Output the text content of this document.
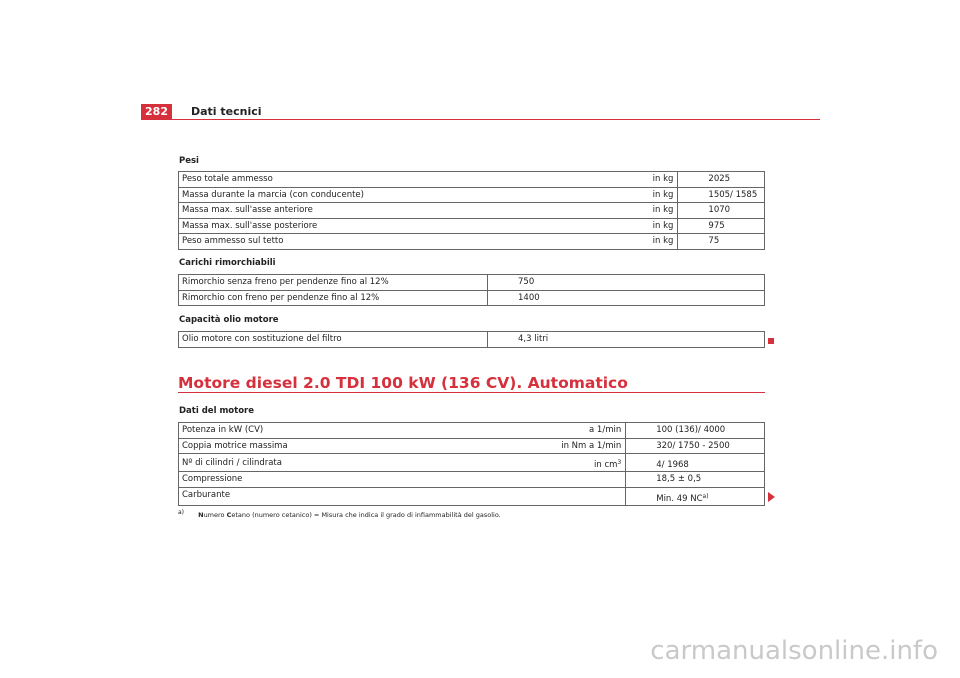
282	Dati tecnici
Pesi
Peso totale ammesso	in kg	2025
Massa durante la marcia (con conducente)	in kg	1505/ 1585
Massa max. sull'asse anteriore	in kg	1070
Massa max. sull'asse posteriore	in kg	975
Peso ammesso sul tetto	in kg	75
Carichi rimorchiabili
Rimorchio senza freno per pendenze fino al 12%	750
Rimorchio con freno per pendenze fino al 12%	1400
Capacità olio motore
Olio motore con sostituzione del filtro	4,3 litri
Motore diesel 2.0 TDI 100 kW (136 CV). Automatico
Dati del motore
Potenza in kW (CV)	a 1/min	100 (136)/ 4000
Coppia motrice massima	in Nm a 1/min	320/ 1750 - 2500
Nº di cilindri / cilindrata	in $cm^3$	4/ 1968
Compressione		18,5 ± 0,5
Carburante		Min. 49 NC$^{a)}$
$^{a)}$ Numero Cetano (numero cetanico) = Misura che indica il grado di infiammabilità del gasolio.
carmanualsonline.info
